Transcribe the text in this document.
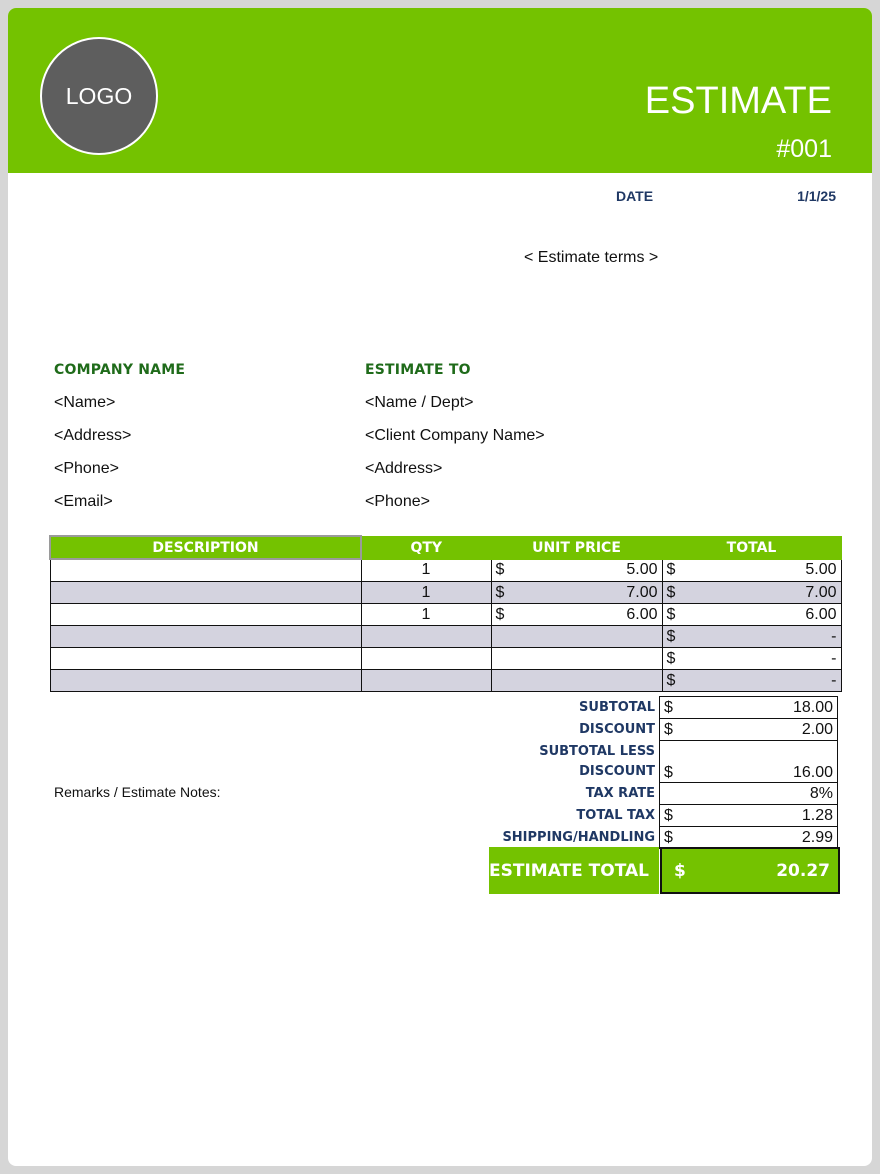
LOGO	ESTIMATE
#001
DATE	1/1/25
< Estimate terms >
COMPANY NAME
<Name>
<Address>
<Phone>
<Email>
ESTIMATE TO
<Name / Dept>
<Client Company Name>
<Address>
<Phone>
DESCRIPTION	QTY	UNIT PRICE	TOTAL
	1	$ 5.00	$ 5.00

	1	$ 7.00	$ 7.00

	1	$ 6.00	$ 6.00

			$ -

			$ -

			$ -
SUBTOTAL	$ 18.00

DISCOUNT	$ 2.00

SUBTOTAL LESS
DISCOUNT	$ 16.00

TAX RATE	8%
TOTAL TAX	$ 1.28

SHIPPING/HANDLING	$ 2.99
ESTIMATE TOTAL	$	20.27
Remarks / Estimate Notes:
